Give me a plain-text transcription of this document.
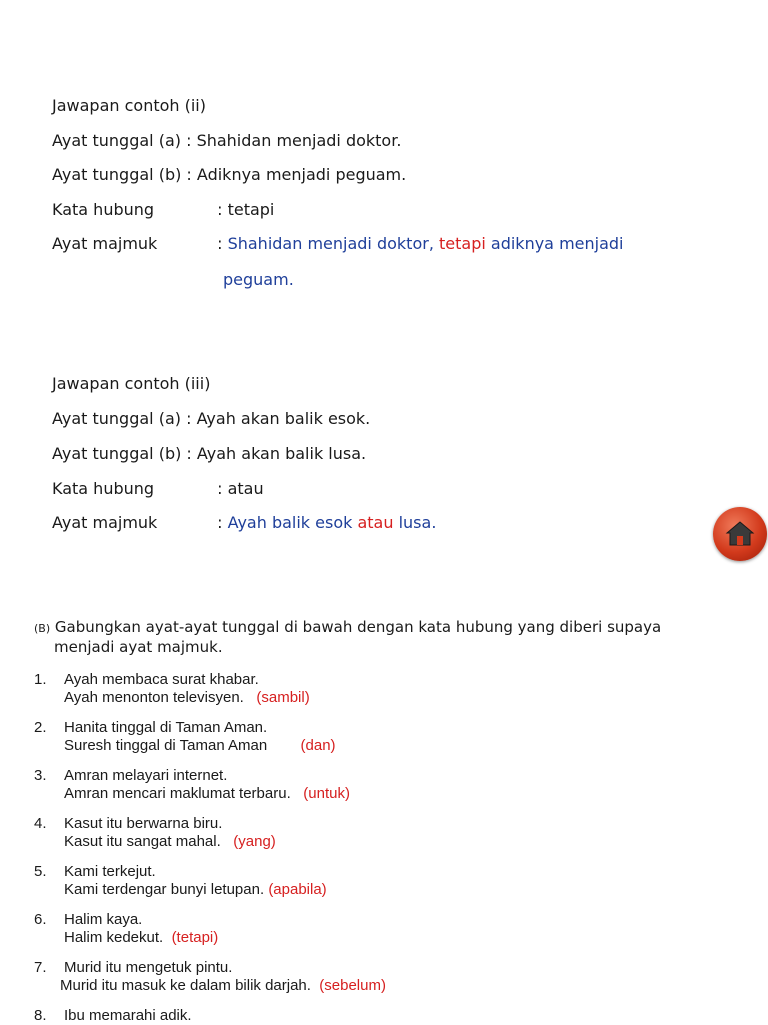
Jawapan contoh (ii)
Ayat tunggal (a) : Shahidan menjadi doktor.
Ayat tunggal (b) : Adiknya menjadi peguam.
Kata hubung	: tetapi
Ayat majmuk	: Shahidan menjadi doktor, tetapi adiknya menjadi
peguam.
Jawapan contoh (iii)
Ayat tunggal (a) : Ayah akan balik esok.
Ayat tunggal (b) : Ayah akan balik lusa.
Kata hubung	: atau
Ayat majmuk	: Ayah balik esok atau lusa.
(B) Gabungkan ayat-ayat tunggal di bawah dengan kata hubung yang diberi supaya
menjadi ayat majmuk.
1.	Ayah membaca surat khabar.
Ayah menonton televisyen. (sambil)
2.	Hanita tinggal di Taman Aman.
Suresh tinggal di Taman Aman (dan)
3.	Amran melayari internet.
Amran mencari maklumat terbaru. (untuk)
4.	Kasut itu berwarna biru.
Kasut itu sangat mahal. (yang)
5.	Kami terkejut.
Kami terdengar bunyi letupan. (apabila)
6.	Halim kaya.
Halim kedekut. (tetapi)
7.	Murid itu mengetuk pintu.
Murid itu masuk ke dalam bilik darjah. (sebelum)
8.	Ibu memarahi adik.
